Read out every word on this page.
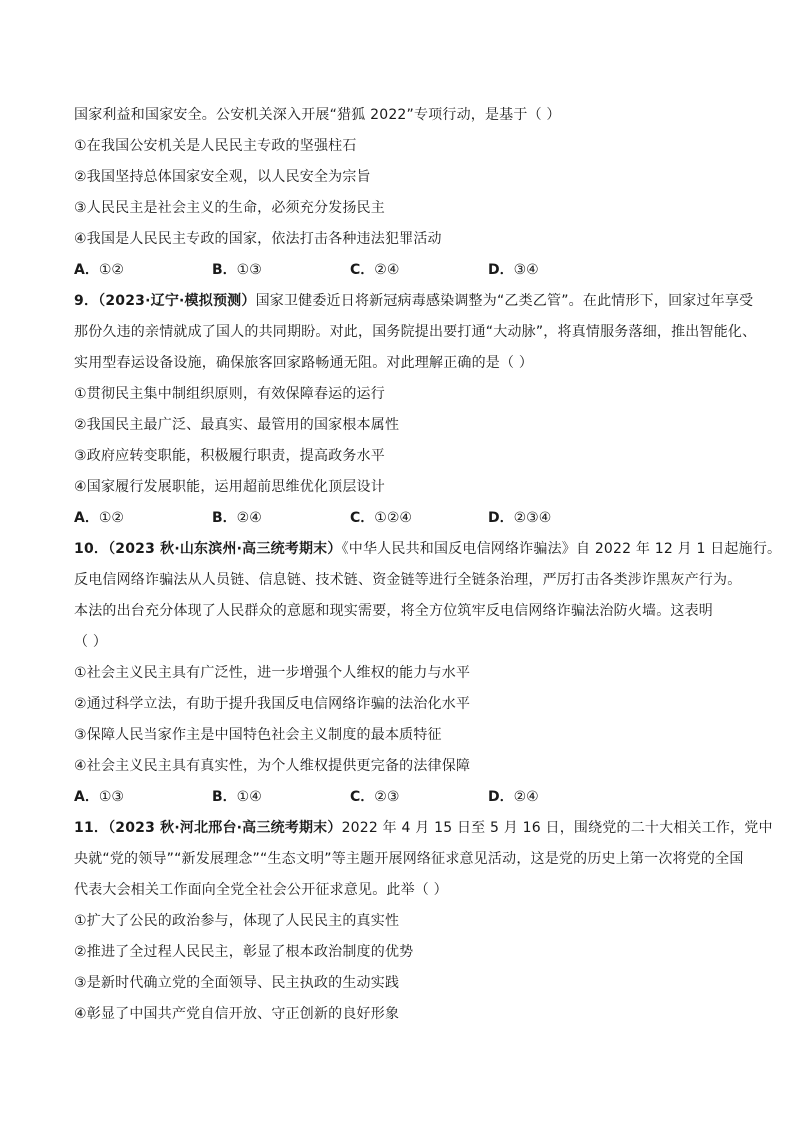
国家利益和国家安全。公安机关深入开展“猎狐 2022”专项行动，是基于（ ）
①在我国公安机关是人民民主专政的坚强柱石
②我国坚持总体国家安全观，以人民安全为宗旨
③人民民主是社会主义的生命，必须充分发扬民主
④我国是人民民主专政的国家，依法打击各种违法犯罪活动
A．①②	B．①③	C．②④	D．③④
9．（2023·辽宁·模拟预测）国家卫健委近日将新冠病毒感染调整为“乙类乙管”。在此情形下，回家过年享受
那份久违的亲情就成了国人的共同期盼。对此，国务院提出要打通“大动脉”，将真情服务落细，推出智能化、
实用型春运设备设施，确保旅客回家路畅通无阻。对此理解正确的是（ ）
①贯彻民主集中制组织原则，有效保障春运的运行
②我国民主最广泛、最真实、最管用的国家根本属性
③政府应转变职能，积极履行职责，提高政务水平
④国家履行发展职能，运用超前思维优化顶层设计
A．①②	B．②④	C．①②④	D．②③④
10．（2023 秋·山东滨州·高三统考期末）《中华人民共和国反电信网络诈骗法》自 2022 年 12 月 1 日起施行。
反电信网络诈骗法从人员链、信息链、技术链、资金链等进行全链条治理，严厉打击各类涉诈黑灰产行为。
本法的出台充分体现了人民群众的意愿和现实需要，将全方位筑牢反电信网络诈骗法治防火墙。这表明
（ ）
①社会主义民主具有广泛性，进一步增强个人维权的能力与水平
②通过科学立法，有助于提升我国反电信网络诈骗的法治化水平
③保障人民当家作主是中国特色社会主义制度的最本质特征
④社会主义民主具有真实性，为个人维权提供更完备的法律保障
A．①③	B．①④	C．②③	D．②④
11．（2023 秋·河北邢台·高三统考期末）2022 年 4 月 15 日至 5 月 16 日，围绕党的二十大相关工作，党中
央就“党的领导”“新发展理念”“生态文明”等主题开展网络征求意见活动，这是党的历史上第一次将党的全国
代表大会相关工作面向全党全社会公开征求意见。此举（ ）
①扩大了公民的政治参与，体现了人民民主的真实性
②推进了全过程人民民主，彰显了根本政治制度的优势
③是新时代确立党的全面领导、民主执政的生动实践
④彰显了中国共产党自信开放、守正创新的良好形象
